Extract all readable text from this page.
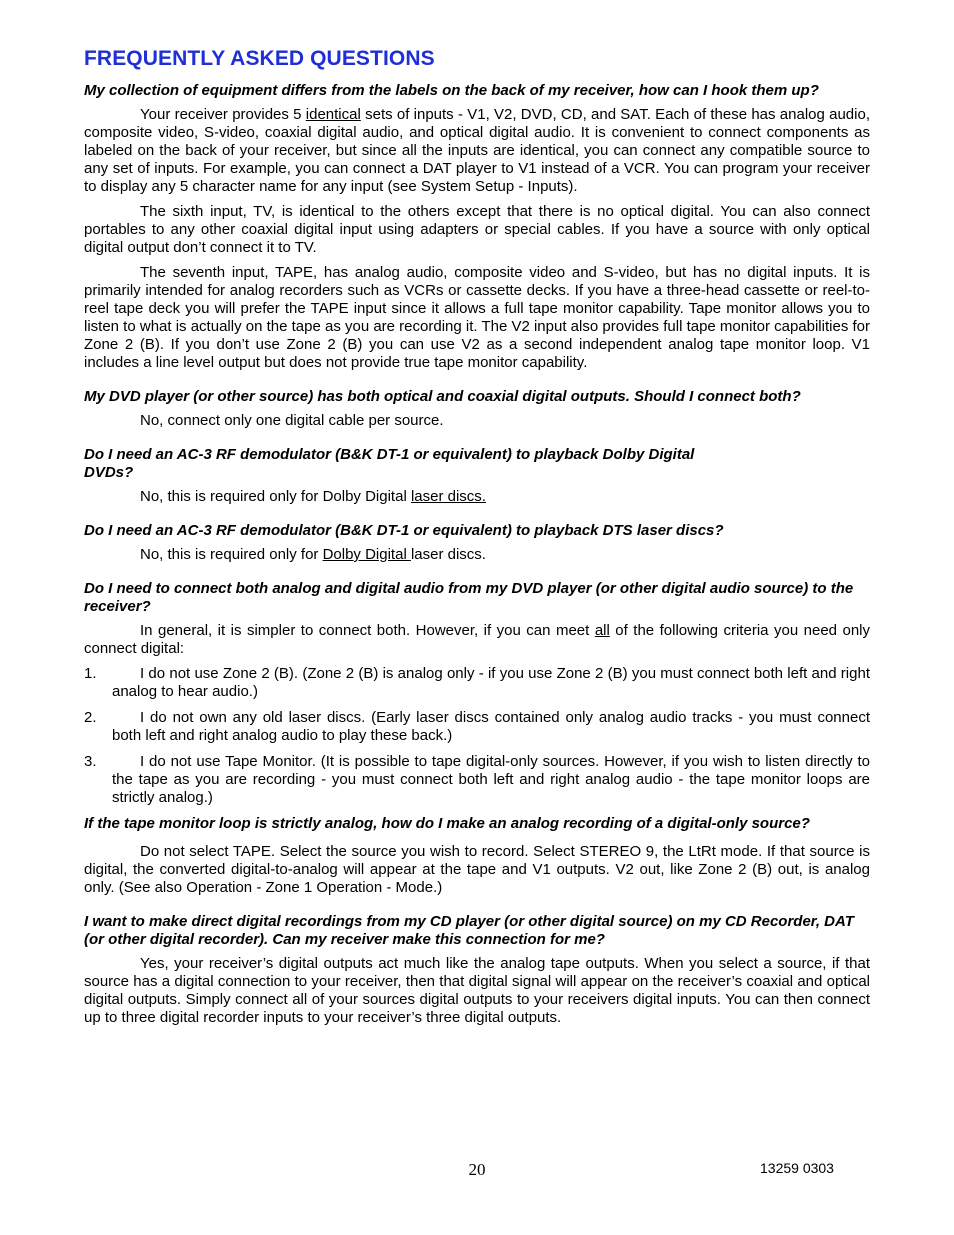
FREQUENTLY ASKED QUESTIONS
My collection of equipment differs from the labels on the back of my receiver, how can I hook them up?
Your receiver provides 5 identical sets of inputs - V1, V2, DVD, CD, and SAT. Each of these has analog audio, composite video, S-video, coaxial digital audio, and optical digital audio. It is convenient to connect components as labeled on the back of your receiver, but since all the inputs are identical, you can connect any compatible source to any set of inputs. For example, you can connect a DAT player to V1 instead of a VCR. You can program your receiver to display any 5 character name for any input (see System Setup - Inputs).
The sixth input, TV, is identical to the others except that there is no optical digital. You can also connect portables to any other coaxial digital input using adapters or special cables. If you have a source with only optical digital output don’t connect it to TV.
The seventh input, TAPE, has analog audio, composite video and S-video, but has no digital inputs. It is primarily intended for analog recorders such as VCRs or cassette decks. If you have a three-head cassette or reel-to-reel tape deck you will prefer the TAPE input since it allows a full tape monitor capability. Tape monitor allows you to listen to what is actually on the tape as you are recording it. The V2 input also provides full tape monitor capabilities for Zone 2 (B). If you don’t use Zone 2 (B) you can use V2 as a second independent analog tape monitor loop. V1 includes a line level output but does not provide true tape monitor capability.
My DVD player (or other source) has both optical and coaxial digital outputs. Should I connect both?
No, connect only one digital cable per source.
Do I need an AC-3 RF demodulator (B&K DT-1 or equivalent) to playback Dolby Digital
DVDs?
No, this is required only for Dolby Digital laser discs.
Do I need an AC-3 RF demodulator (B&K DT-1 or equivalent) to playback DTS laser discs?
No, this is required only for Dolby Digital laser discs.
Do I need to connect both analog and digital audio from my DVD player (or other digital audio source) to the receiver?
In general, it is simpler to connect both. However, if you can meet all of the following criteria you need only connect digital:
1.	I do not use Zone 2 (B). (Zone 2 (B) is analog only - if you use Zone 2 (B) you must connect both left and right analog to hear audio.)
2.	I do not own any old laser discs. (Early laser discs contained only analog audio tracks - you must connect both left and right analog audio to play these back.)
3.	I do not use Tape Monitor. (It is possible to tape digital-only sources. However, if you wish to listen directly to the tape as you are recording - you must connect both left and right analog audio - the tape monitor loops are strictly analog.)
If the tape monitor loop is strictly analog, how do I make an analog recording of a digital-only source?
Do not select TAPE. Select the source you wish to record. Select STEREO 9, the LtRt mode. If that source is digital, the converted digital-to-analog will appear at the tape and V1 outputs. V2 out, like Zone 2 (B) out, is analog only. (See also Operation - Zone 1 Operation - Mode.)
I want to make direct digital recordings from my CD player (or other digital source) on my CD Recorder, DAT (or other digital recorder). Can my receiver make this connection for me?
Yes, your receiver’s digital outputs act much like the analog tape outputs. When you select a source, if that source has a digital connection to your receiver, then that digital signal will appear on the receiver’s coaxial and optical digital outputs. Simply connect all of your sources digital outputs to your receivers digital inputs. You can then connect up to three digital recorder inputs to your receiver’s three digital outputs.
20	13259 0303
